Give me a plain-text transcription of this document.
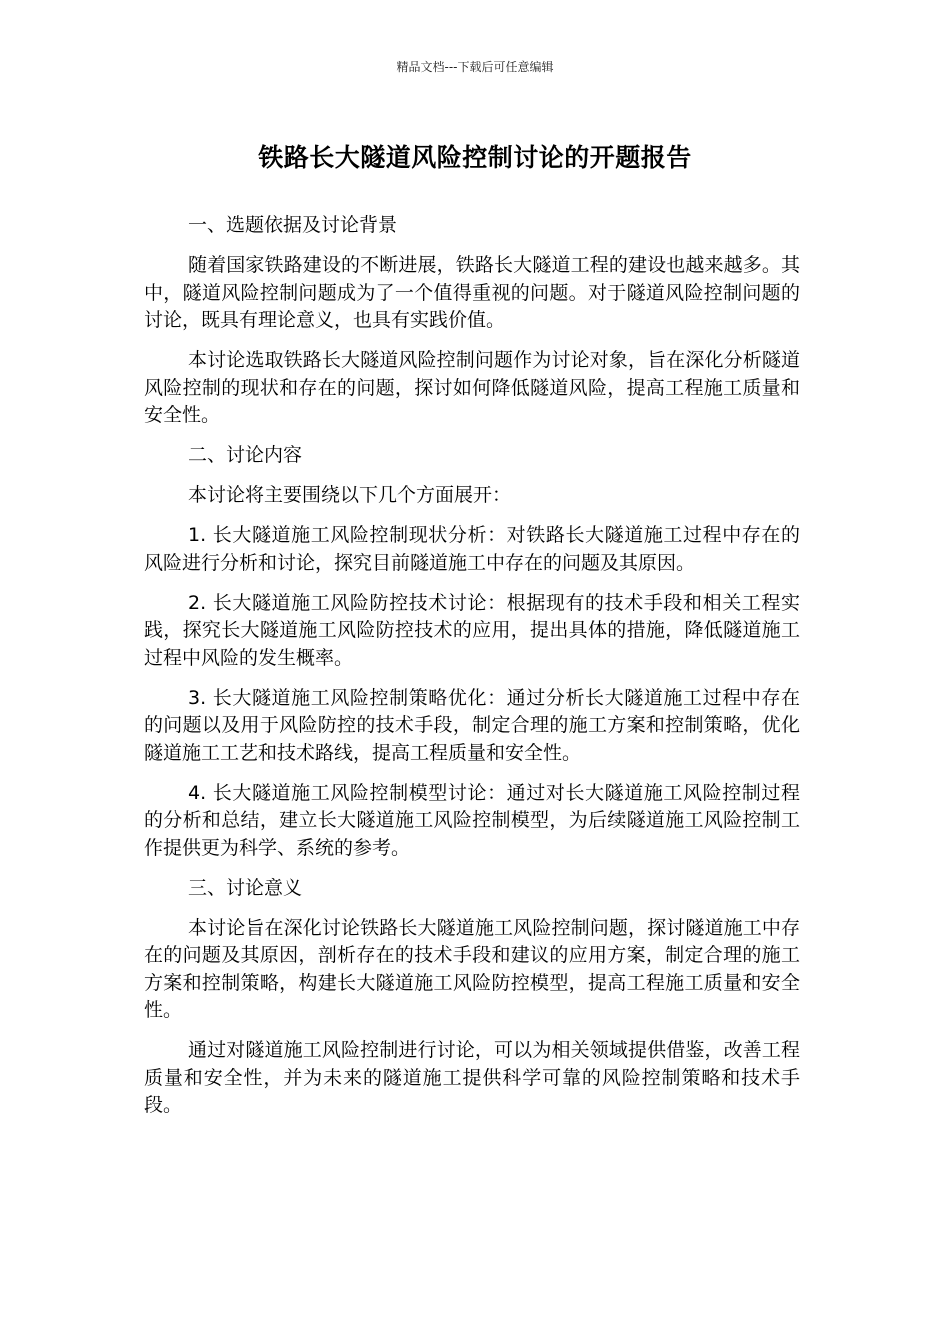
精品文档---下载后可任意编辑
铁路长大隧道风险控制讨论的开题报告

一、选题依据及讨论背景

随着国家铁路建设的不断进展，铁路长大隧道工程的建设也越来越多。其中，隧道风险控制问题成为了一个值得重视的问题。对于隧道风险控制问题的讨论，既具有理论意义，也具有实践价值。

本讨论选取铁路长大隧道风险控制问题作为讨论对象，旨在深化分析隧道风险控制的现状和存在的问题，探讨如何降低隧道风险，提高工程施工质量和安全性。

二、讨论内容

本讨论将主要围绕以下几个方面展开：

1. 长大隧道施工风险控制现状分析：对铁路长大隧道施工过程中存在的风险进行分析和讨论，探究目前隧道施工中存在的问题及其原因。

2. 长大隧道施工风险防控技术讨论：根据现有的技术手段和相关工程实践，探究长大隧道施工风险防控技术的应用，提出具体的措施，降低隧道施工过程中风险的发生概率。

3. 长大隧道施工风险控制策略优化：通过分析长大隧道施工过程中存在的问题以及用于风险防控的技术手段，制定合理的施工方案和控制策略，优化隧道施工工艺和技术路线，提高工程质量和安全性。

4. 长大隧道施工风险控制模型讨论：通过对长大隧道施工风险控制过程的分析和总结，建立长大隧道施工风险控制模型，为后续隧道施工风险控制工作提供更为科学、系统的参考。

三、讨论意义

本讨论旨在深化讨论铁路长大隧道施工风险控制问题，探讨隧道施工中存在的问题及其原因，剖析存在的技术手段和建议的应用方案，制定合理的施工方案和控制策略，构建长大隧道施工风险防控模型，提高工程施工质量和安全性。

通过对隧道施工风险控制进行讨论，可以为相关领域提供借鉴，改善工程质量和安全性，并为未来的隧道施工提供科学可靠的风险控制策略和技术手段。
